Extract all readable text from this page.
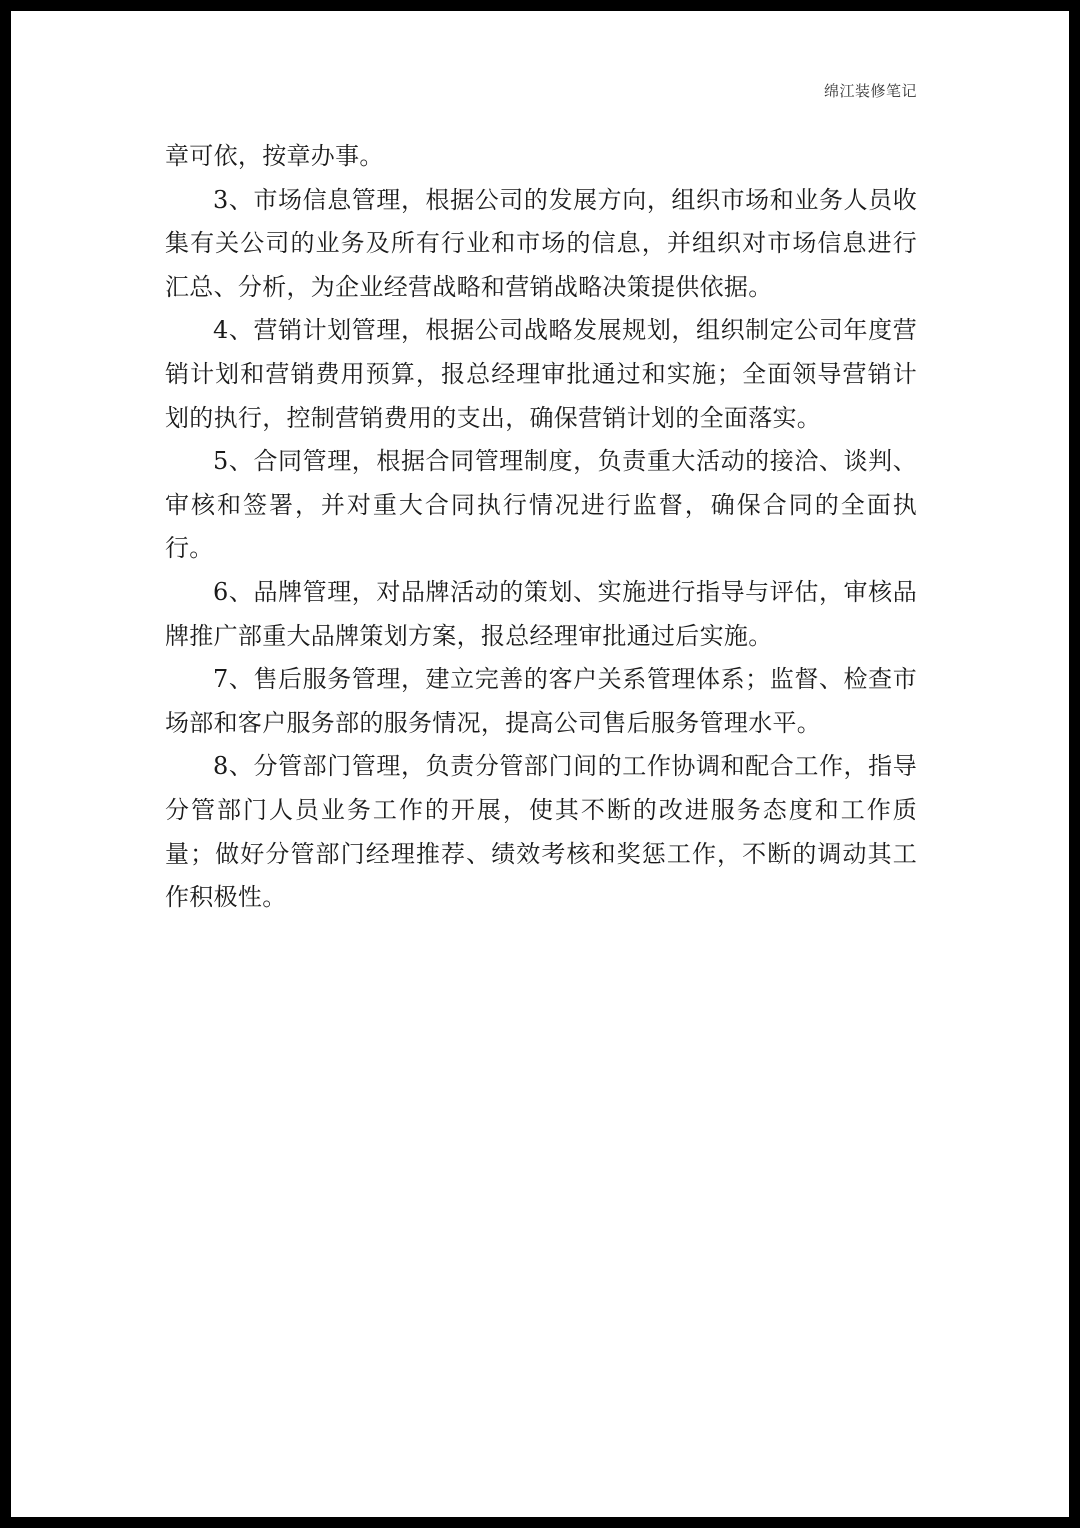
绵江装修笔记

章可依，按章办事。

3、市场信息管理，根据公司的发展方向，组织市场和业务人员收集有关公司的业务及所有行业和市场的信息，并组织对市场信息进行汇总、分析，为企业经营战略和营销战略决策提供依据。

4、营销计划管理，根据公司战略发展规划，组织制定公司年度营销计划和营销费用预算，报总经理审批通过和实施；全面领导营销计划的执行，控制营销费用的支出，确保营销计划的全面落实。

5、合同管理，根据合同管理制度，负责重大活动的接洽、谈判、审核和签署，并对重大合同执行情况进行监督，确保合同的全面执行。

6、品牌管理，对品牌活动的策划、实施进行指导与评估，审核品牌推广部重大品牌策划方案，报总经理审批通过后实施。

7、售后服务管理，建立完善的客户关系管理体系；监督、检查市场部和客户服务部的服务情况，提高公司售后服务管理水平。

8、分管部门管理，负责分管部门间的工作协调和配合工作，指导分管部门人员业务工作的开展，使其不断的改进服务态度和工作质量；做好分管部门经理推荐、绩效考核和奖惩工作，不断的调动其工作积极性。
